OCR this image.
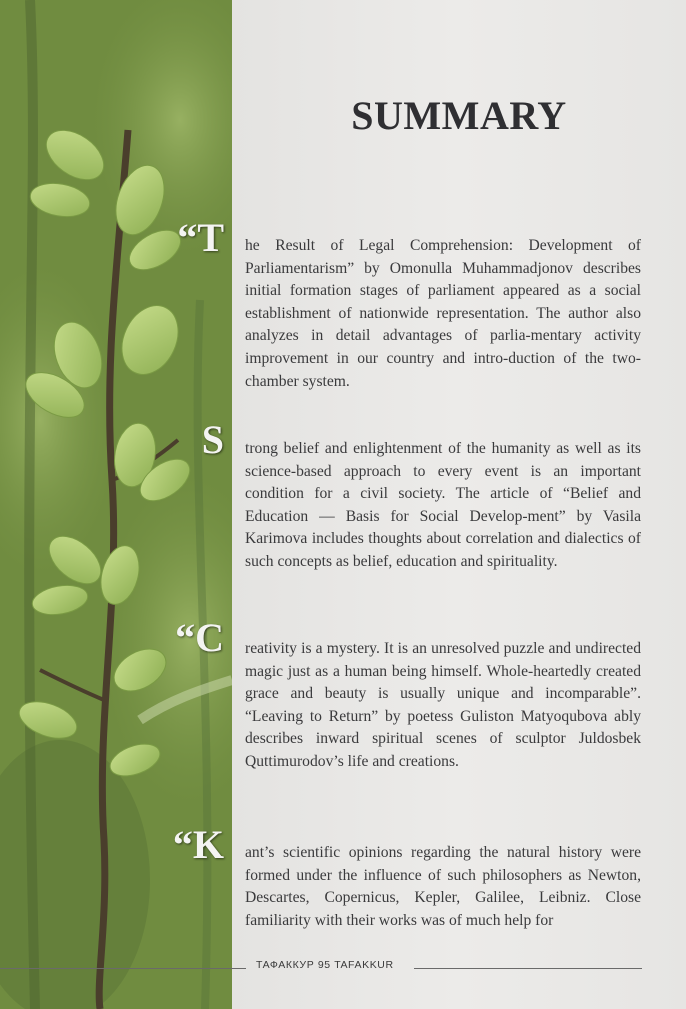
SUMMARY
“T he Result of Legal Comprehension: Development of Parliamentarism” by Omonulla Muhammadjonov describes initial formation stages of parliament appeared as a social establishment of nationwide representation. The author also analyzes in detail advantages of parlia-mentary activity improvement in our country and intro-duction of the two-chamber system.

S trong belief and enlightenment of the humanity as well as its science-based approach to every event is an important condition for a civil society. The article of “Belief and Education — Basis for Social Develop-ment” by Vasila Karimova includes thoughts about correlation and dialectics of such concepts as belief, education and spirituality.

“C reativity is a mystery. It is an unresolved puzzle and undirected magic just as a human being himself. Whole-heartedly created grace and beauty is usually unique and incomparable”. “Leaving to Return” by poetess Guliston Matyoqubova ably describes inward spiritual scenes of sculptor Juldosbek Quttimurodov’s life and creations.

“K ant’s scientific opinions regarding the natural history were formed under the influence of such philosophers as Newton, Descartes, Copernicus, Kepler, Galilee, Leibniz. Close familiarity with their works was of much help for

ТАФАККУР 95 TAFAKKUR
